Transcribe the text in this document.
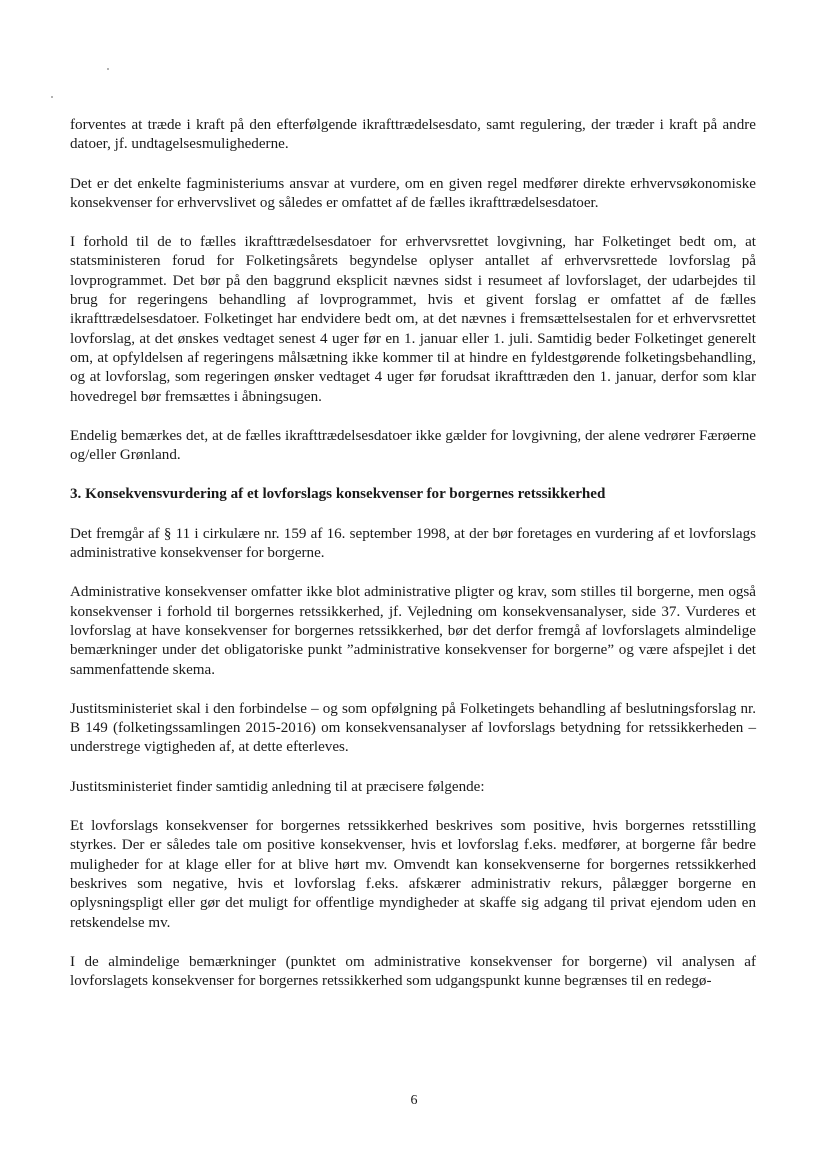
forventes at træde i kraft på den efterfølgende ikrafttrædelsesdato, samt regulering, der træder i kraft på andre datoer, jf. undtagelsesmulighederne.

Det er det enkelte fagministeriums ansvar at vurdere, om en given regel medfører direkte erhvervsøkonomiske konsekvenser for erhvervslivet og således er omfattet af de fælles ikrafttrædelsesdatoer.

I forhold til de to fælles ikrafttrædelsesdatoer for erhvervsrettet lovgivning, har Folketinget bedt om, at statsministeren forud for Folketingsårets begyndelse oplyser antallet af erhvervsrettede lovforslag på lovprogrammet. Det bør på den baggrund eksplicit nævnes sidst i resumeet af lovforslaget, der udarbejdes til brug for regeringens behandling af lovprogrammet, hvis et givent forslag er omfattet af de fælles ikrafttrædelsesdatoer. Folketinget har endvidere bedt om, at det nævnes i fremsættelsestalen for et erhvervsrettet lovforslag, at det ønskes vedtaget senest 4 uger før en 1. januar eller 1. juli. Samtidig beder Folketinget generelt om, at opfyldelsen af regeringens målsætning ikke kommer til at hindre en fyldestgørende folketingsbehandling, og at lovforslag, som regeringen ønsker vedtaget 4 uger før forudsat ikrafttræden den 1. januar, derfor som klar hovedregel bør fremsættes i åbningsugen.

Endelig bemærkes det, at de fælles ikrafttrædelsesdatoer ikke gælder for lovgivning, der alene vedrører Færøerne og/eller Grønland.

3. Konsekvensvurdering af et lovforslags konsekvenser for borgernes retssikkerhed

Det fremgår af § 11 i cirkulære nr. 159 af 16. september 1998, at der bør foretages en vurdering af et lovforslags administrative konsekvenser for borgerne.

Administrative konsekvenser omfatter ikke blot administrative pligter og krav, som stilles til borgerne, men også konsekvenser i forhold til borgernes retssikkerhed, jf. Vejledning om konsekvensanalyser, side 37. Vurderes et lovforslag at have konsekvenser for borgernes retssikkerhed, bør det derfor fremgå af lovforslagets almindelige bemærkninger under det obligatoriske punkt ”administrative konsekvenser for borgerne” og være afspejlet i det sammenfattende skema.

Justitsministeriet skal i den forbindelse – og som opfølgning på Folketingets behandling af beslutningsforslag nr. B 149 (folketingssamlingen 2015-2016) om konsekvensanalyser af lovforslags betydning for retssikkerheden – understrege vigtigheden af, at dette efterleves.

Justitsministeriet finder samtidig anledning til at præcisere følgende:

Et lovforslags konsekvenser for borgernes retssikkerhed beskrives som positive, hvis borgernes retsstilling styrkes. Der er således tale om positive konsekvenser, hvis et lovforslag f.eks. medfører, at borgerne får bedre muligheder for at klage eller for at blive hørt mv. Omvendt kan konsekvenserne for borgernes retssikkerhed beskrives som negative, hvis et lovforslag f.eks. afskærer administrativ rekurs, pålægger borgerne en oplysningspligt eller gør det muligt for offentlige myndigheder at skaffe sig adgang til privat ejendom uden en retskendelse mv.

I de almindelige bemærkninger (punktet om administrative konsekvenser for borgerne) vil analysen af lovforslagets konsekvenser for borgernes retssikkerhed som udgangspunkt kunne begrænses til en redegø-

6
